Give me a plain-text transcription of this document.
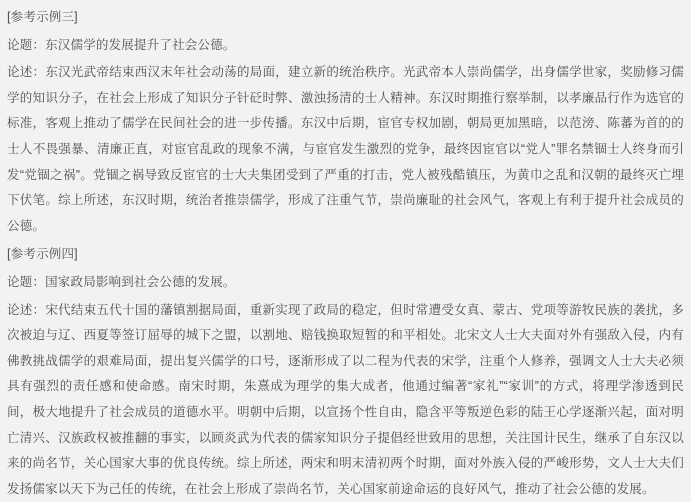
[参考示例三]

论题：东汉儒学的发展提升了社会公德。

论述：东汉光武帝结束西汉末年社会动荡的局面，建立新的统治秩序。光武帝本人崇尚儒学，出身儒学世家，奖励修习儒学的知识分子，在社会上形成了知识分子针砭时弊、激浊扬清的士人精神。东汉时期推行察举制，以孝廉品行作为选官的标准，客观上推动了儒学在民间社会的进一步传播。东汉中后期，宦官专权加剧，朝局更加黑暗，以范滂、陈蕃为首的的士人不畏强暴、清廉正直，对宦官乱政的现象不满，与宦官发生激烈的党争，最终因宦官以“党人”罪名禁锢士人终身而引发“党锢之祸”。党锢之祸导致反宦官的士大夫集团受到了严重的打击，党人被残酷镇压，为黄巾之乱和汉朝的最终灭亡埋下伏笔。综上所述，东汉时期，统治者推崇儒学，形成了注重气节，崇尚廉耻的社会风气，客观上有利于提升社会成员的公德。

[参考示例四]

论题：国家政局影响到社会公德的发展。

论述：宋代结束五代十国的藩镇割据局面，重新实现了政局的稳定，但时常遭受女真、蒙古、党项等游牧民族的袭扰，多次被迫与辽、西夏等签订屈辱的城下之盟，以割地、赔钱换取短暂的和平相处。北宋文人士大夫面对外有强敌入侵，内有佛教挑战儒学的艰难局面，提出复兴儒学的口号，逐渐形成了以二程为代表的宋学，注重个人修养，强调文人士大夫必须具有强烈的责任感和使命感。南宋时期，朱熹成为理学的集大成者，他通过编著“家礼”“家训”的方式，将理学渗透到民间，极大地提升了社会成员的道德水平。明朝中后期，以宣扬个性自由，隐含平等叛逆色彩的陆王心学逐渐兴起，面对明亡清兴、汉族政权被推翻的事实，以顾炎武为代表的儒家知识分子提倡经世致用的思想，关注国计民生，继承了自东汉以来的尚名节，关心国家大事的优良传统。综上所述，两宋和明末清初两个时期，面对外族入侵的严峻形势，文人士大夫们发扬儒家以天下为己任的传统，在社会上形成了崇尚名节，关心国家前途命运的良好风气，推动了社会公德的发展。
